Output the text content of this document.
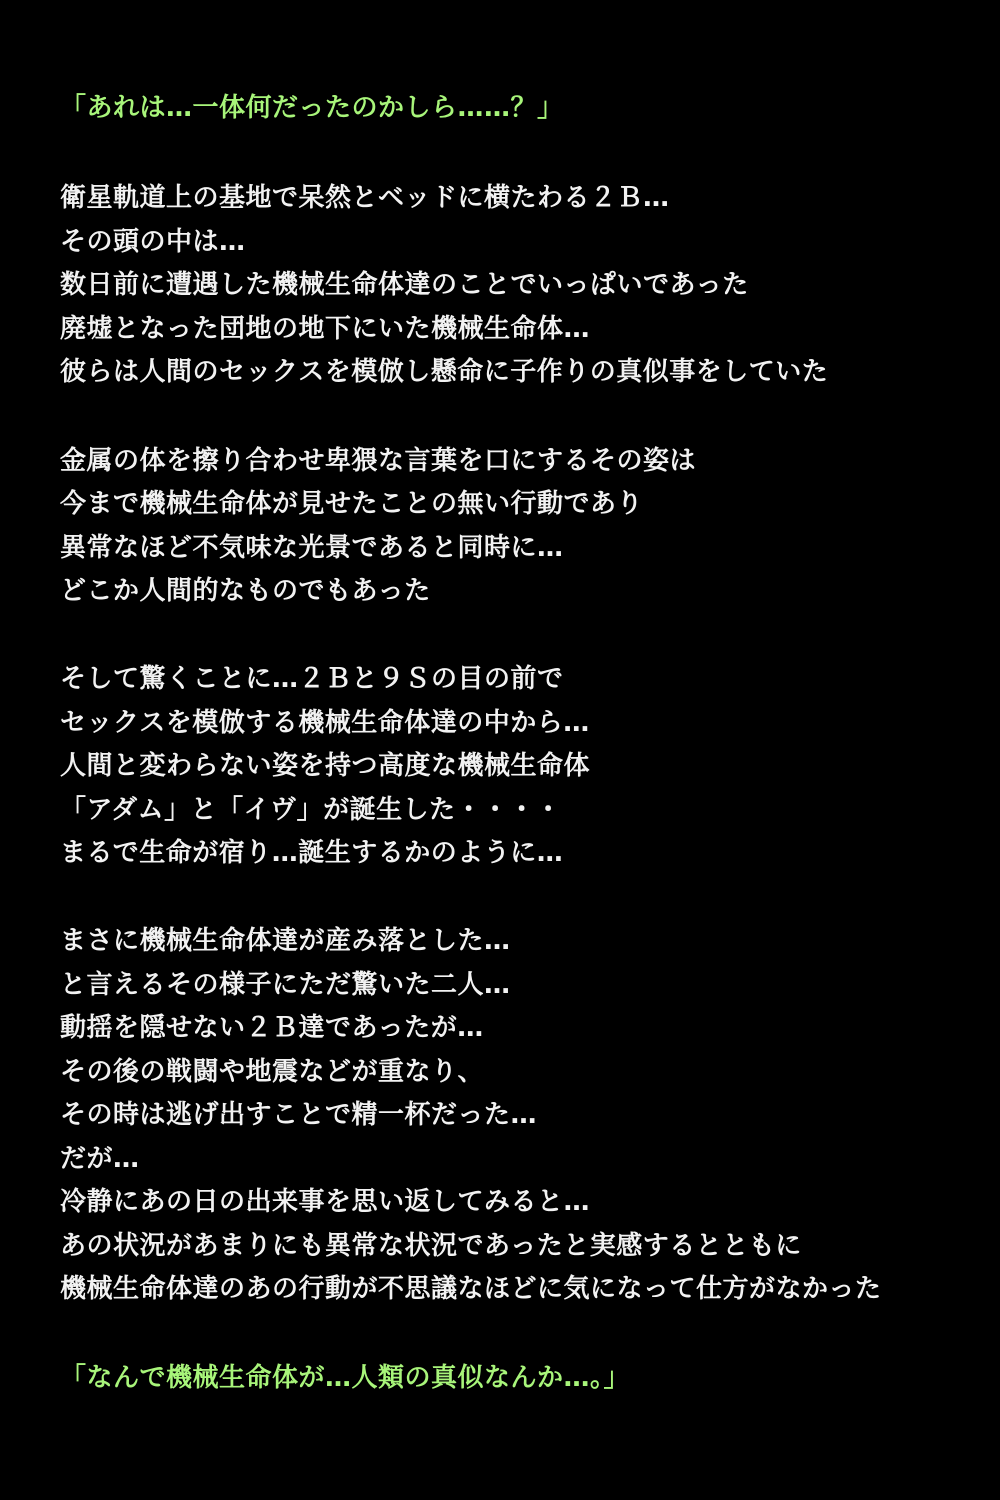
「あれは…一体何だったのかしら……？」
衛星軌道上の基地で呆然とベッドに横たわる２Ｂ…
その頭の中は…
数日前に遭遇した機械生命体達のことでいっぱいであった
廃墟となった団地の地下にいた機械生命体…
彼らは人間のセックスを模倣し懸命に子作りの真似事をしていた
金属の体を擦り合わせ卑猥な言葉を口にするその姿は
今まで機械生命体が見せたことの無い行動であり
異常なほど不気味な光景であると同時に…
どこか人間的なものでもあった
そして驚くことに…２Ｂと９Ｓの目の前で
セックスを模倣する機械生命体達の中から…
人間と変わらない姿を持つ高度な機械生命体
「アダム」と「イヴ」が誕生した・・・・
まるで生命が宿り…誕生するかのように…
まさに機械生命体達が産み落とした…
と言えるその様子にただ驚いた二人…
動揺を隠せない２Ｂ達であったが…
その後の戦闘や地震などが重なり、
その時は逃げ出すことで精一杯だった…
だが…
冷静にあの日の出来事を思い返してみると…
あの状況があまりにも異常な状況であったと実感するとともに
機械生命体達のあの行動が不思議なほどに気になって仕方がなかった
「なんで機械生命体が…人類の真似なんか…。」
